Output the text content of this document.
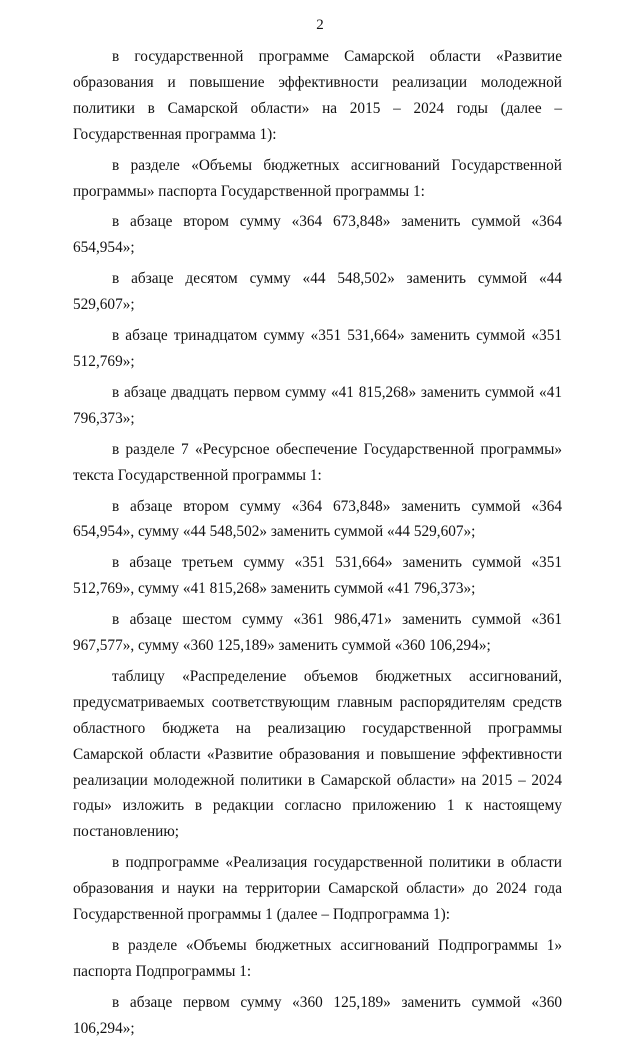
2

в государственной программе Самарской области «Развитие образования и повышение эффективности реализации молодежной политики в Самарской области» на 2015 – 2024 годы (далее – Государственная программа 1):

в разделе «Объемы бюджетных ассигнований Государственной программы» паспорта Государственной программы 1:

в абзаце втором сумму «364 673,848» заменить суммой «364 654,954»;

в абзаце десятом сумму «44 548,502» заменить суммой «44 529,607»;

в абзаце тринадцатом сумму «351 531,664» заменить суммой «351 512,769»;

в абзаце двадцать первом сумму «41 815,268» заменить суммой «41 796,373»;

в разделе 7 «Ресурсное обеспечение Государственной программы» текста Государственной программы 1:

в абзаце втором сумму «364 673,848» заменить суммой «364 654,954», сумму «44 548,502» заменить суммой «44 529,607»;

в абзаце третьем сумму «351 531,664» заменить суммой «351 512,769», сумму «41 815,268» заменить суммой «41 796,373»;

в абзаце шестом сумму «361 986,471» заменить суммой «361 967,577», сумму «360 125,189» заменить суммой «360 106,294»;

таблицу «Распределение объемов бюджетных ассигнований, предусматриваемых соответствующим главным распорядителям средств областного бюджета на реализацию государственной программы Самарской области «Развитие образования и повышение эффективности реализации молодежной политики в Самарской области» на 2015 – 2024 годы» изложить в редакции согласно приложению 1 к настоящему постановлению;

в подпрограмме «Реализация государственной политики в области образования и науки на территории Самарской области» до 2024 года Государственной программы 1 (далее – Подпрограмма 1):

в разделе «Объемы бюджетных ассигнований Подпрограммы 1» паспорта Подпрограммы 1:

в абзаце первом сумму «360 125,189» заменить суммой «360 106,294»;
